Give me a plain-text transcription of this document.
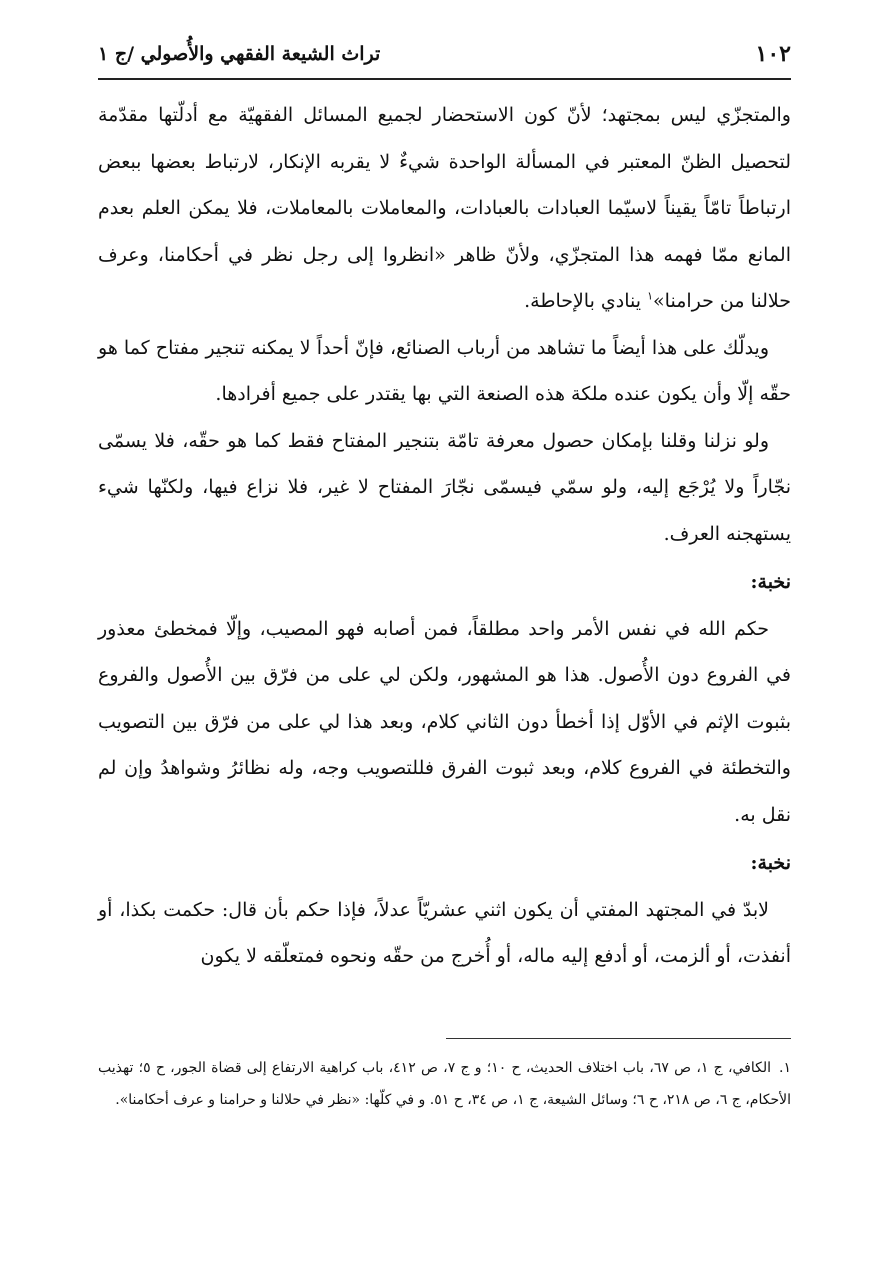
١٠٢
تراث الشيعة الفقهي والأُصولي /ج ١

والمتجزّي ليس بمجتهد؛ لأنّ كون الاستحضار لجميع المسائل الفقهيّة مع أدلّتها مقدّمة لتحصيل الظنّ المعتبر في المسألة الواحدة شيءٌ لا يقربه الإنكار، لارتباط بعضها ببعض ارتباطاً تامّاً يقيناً لاسيّما العبادات بالعبادات، والمعاملات بالمعاملات، فلا يمكن العلم بعدم المانع ممّا فهمه هذا المتجزّي، ولأنّ ظاهر «انظروا إلى رجل نظر في أحكامنا، وعرف حلالنا من حرامنا»$^١$ ينادي بالإحاطة.

ويدلّك على هذا أيضاً ما تشاهد من أرباب الصنائع، فإنّ أحداً لا يمكنه تنجير مفتاح كما هو حقّه إلّا وأن يكون عنده ملكة هذه الصنعة التي بها يقتدر على جميع أفرادها.

ولو نزلنا وقلنا بإمكان حصول معرفة تامّة بتنجير المفتاح فقط كما هو حقّه، فلا يسمّى نجّاراً ولا يُرْجَع إليه، ولو سمّي فيسمّى نجّارَ المفتاح لا غير، فلا نزاع فيها، ولكنّها شيء يستهجنه العرف.

نخبة:

حكم الله في نفس الأمر واحد مطلقاً، فمن أصابه فهو المصيب، وإلّا فمخطئ معذور في الفروع دون الأُصول. هذا هو المشهور، ولكن لي على من فرّق بين الأُصول والفروع بثبوت الإثم في الأوّل إذا أخطأ دون الثاني كلام، وبعد هذا لي على من فرّق بين التصويب والتخطئة في الفروع كلام، وبعد ثبوت الفرق فللتصويب وجه، وله نظائرُ وشواهدُ وإن لم نقل به.

نخبة:

لابدّ في المجتهد المفتي أن يكون اثني عشريّاً عدلاً، فإذا حكم بأن قال: حكمت بكذا، أو أنفذت، أو ألزمت، أو أدفع إليه ماله، أو أُخرج من حقّه ونحوه فمتعلّقه لا يكون

١.الكافي، ج ١، ص ٦٧، باب اختلاف الحديث، ح ١٠؛ و ج ٧، ص ٤١٢، باب كراهية الارتفاع إلى قضاة الجور، ح ٥؛ تهذيب الأحكام، ج ٦، ص ٢١٨، ح ٦؛ وسائل الشيعة، ج ١، ص ٣٤، ح ٥١. و في كلّها: «نظر في حلالنا و حرامنا و عرف أحكامنا».
